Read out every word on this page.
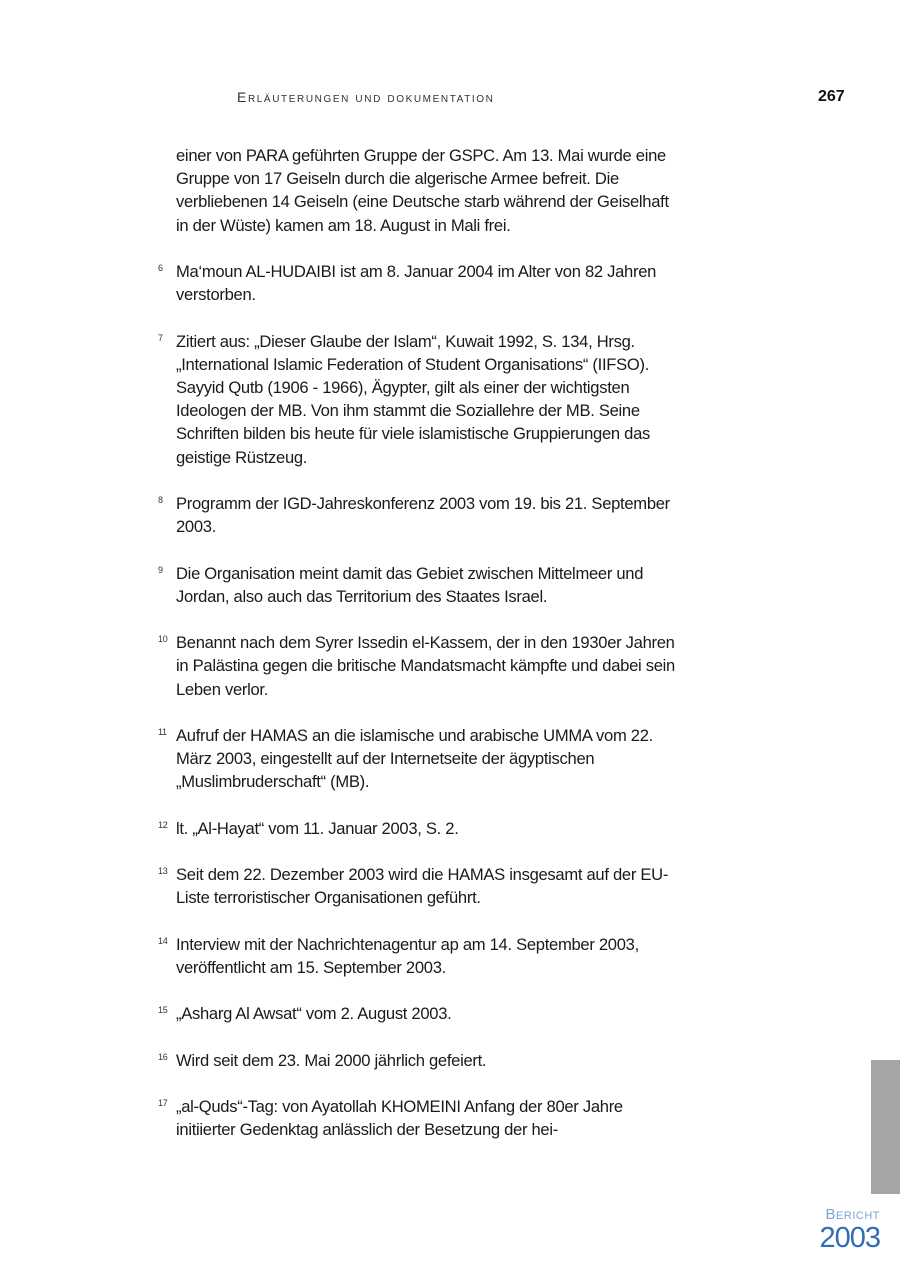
Erläuterungen und dokumentation	267

einer von PARA geführten Gruppe der GSPC. Am 13. Mai wurde eine Gruppe von 17 Geiseln durch die algerische Armee befreit. Die verbliebenen 14 Geiseln (eine Deutsche starb während der Geiselhaft in der Wüste) kamen am 18. August in Mali frei.

6 Ma‘moun AL-HUDAIBI ist am 8. Januar 2004 im Alter von 82 Jahren verstorben.

7 Zitiert aus: „Dieser Glaube der Islam“, Kuwait 1992, S. 134, Hrsg. „International Islamic Federation of Student Organisations“ (IIFSO).

Sayyid Qutb (1906 - 1966), Ägypter, gilt als einer der wichtigsten Ideologen der MB. Von ihm stammt die Soziallehre der MB. Seine Schriften bilden bis heute für viele islamistische Gruppierungen das geistige Rüstzeug.

8 Programm der IGD-Jahreskonferenz 2003 vom 19. bis 21. September 2003.

9 Die Organisation meint damit das Gebiet zwischen Mittelmeer und Jordan, also auch das Territorium des Staates Israel.

10 Benannt nach dem Syrer Issedin el-Kassem, der in den 1930er Jahren in Palästina gegen die britische Mandatsmacht kämpfte und dabei sein Leben verlor.

11 Aufruf der HAMAS an die islamische und arabische UMMA vom 22. März 2003, eingestellt auf der Internetseite der ägyptischen „Muslimbruderschaft“ (MB).

12 lt. „Al-Hayat“ vom 11. Januar 2003, S. 2.

13 Seit dem 22. Dezember 2003 wird die HAMAS insgesamt auf der EU-Liste terroristischer Organisationen geführt.

14 Interview mit der Nachrichtenagentur ap am 14. September 2003, veröffentlicht am 15. September 2003.

15 „Asharg Al Awsat“ vom 2. August 2003.

16 Wird seit dem 23. Mai 2000 jährlich gefeiert.

17 „al-Quds“-Tag: von Ayatollah KHOMEINI Anfang der 80er Jahre initiierter Gedenktag anlässlich der Besetzung der hei-

Bericht
2003
